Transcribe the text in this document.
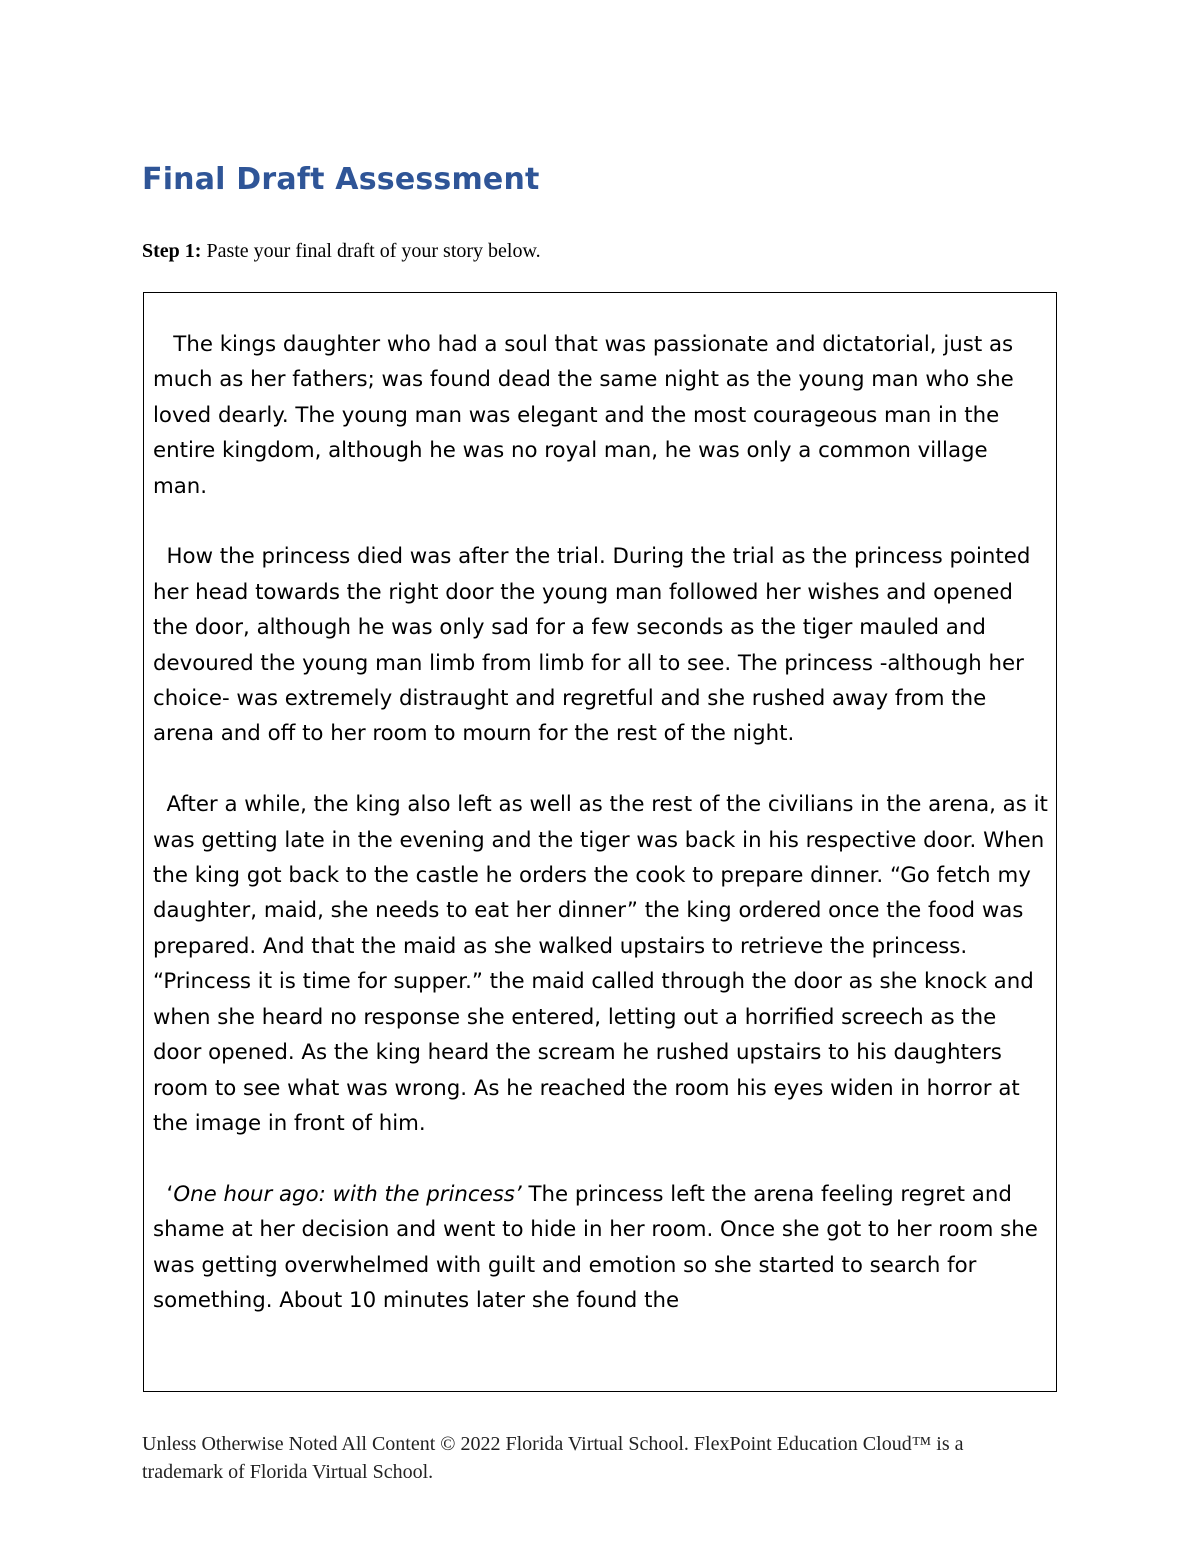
Final Draft Assessment

Step 1: Paste your final draft of your story below.

The kings daughter who had a soul that was passionate and dictatorial, just as much as her fathers; was found dead the same night as the young man who she loved dearly. The young man was elegant and the most courageous man in the entire kingdom, although he was no royal man, he was only a common village man.

How the princess died was after the trial. During the trial as the princess pointed her head towards the right door the young man followed her wishes and opened the door, although he was only sad for a few seconds as the tiger mauled and devoured the young man limb from limb for all to see. The princess -although her choice- was extremely distraught and regretful and she rushed away from the arena and off to her room to mourn for the rest of the night.

After a while, the king also left as well as the rest of the civilians in the arena, as it was getting late in the evening and the tiger was back in his respective door. When the king got back to the castle he orders the cook to prepare dinner. “Go fetch my daughter, maid, she needs to eat her dinner” the king ordered once the food was prepared. And that the maid as she walked upstairs to retrieve the princess. “Princess it is time for supper.” the maid called through the door as she knock and when she heard no response she entered, letting out a horrified screech as the door opened. As the king heard the scream he rushed upstairs to his daughters room to see what was wrong. As he reached the room his eyes widen in horror at the image in front of him.

‘One hour ago: with the princess’ The princess left the arena feeling regret and shame at her decision and went to hide in her room. Once she got to her room she was getting overwhelmed with guilt and emotion so she started to search for something. About 10 minutes later she found the

Unless Otherwise Noted All Content © 2022 Florida Virtual School. FlexPoint Education Cloud™ is a trademark of Florida Virtual School.
